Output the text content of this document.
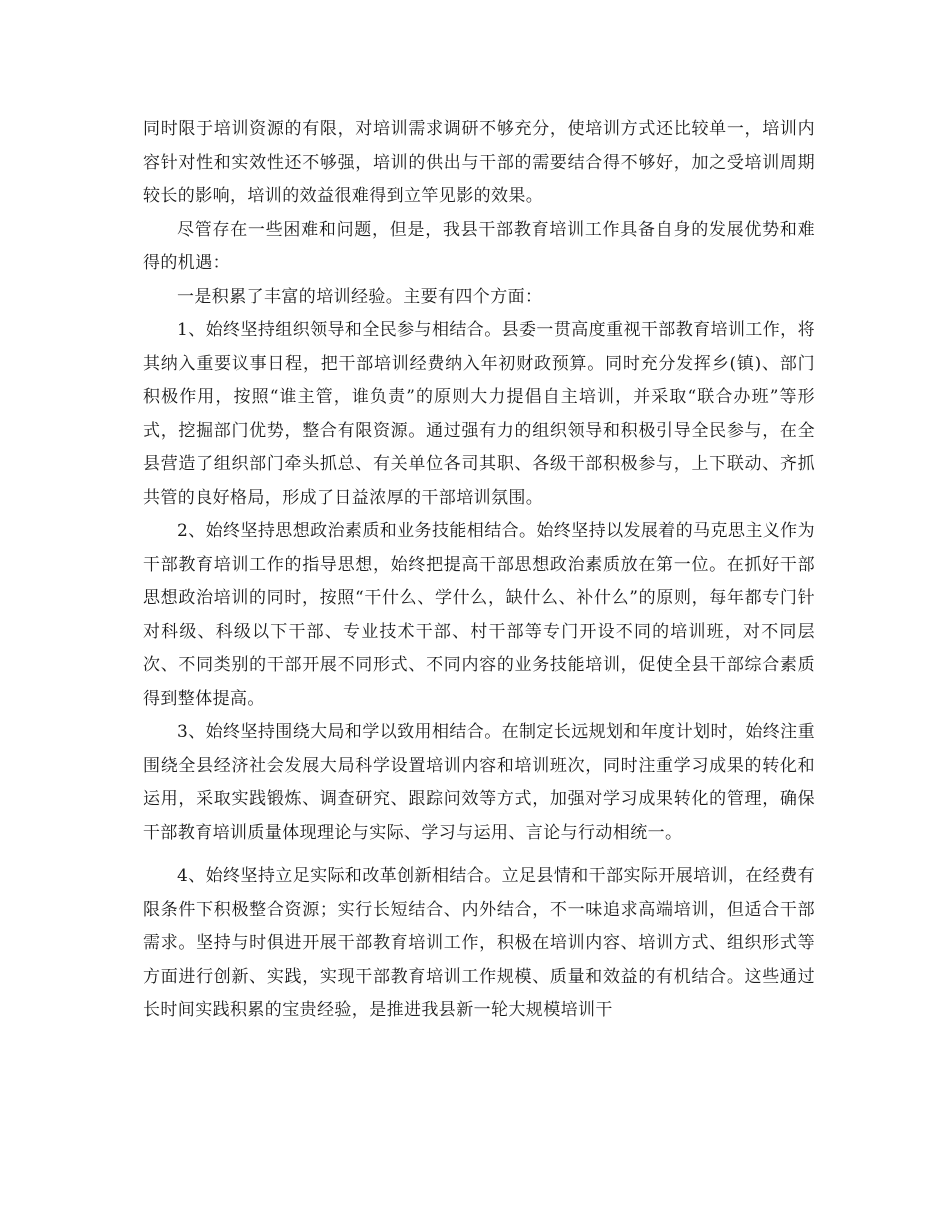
同时限于培训资源的有限，对培训需求调研不够充分，使培训方式还比较单一，培训内容针对性和实效性还不够强，培训的供出与干部的需要结合得不够好，加之受培训周期较长的影响，培训的效益很难得到立竿见影的效果。

尽管存在一些困难和问题，但是，我县干部教育培训工作具备自身的发展优势和难得的机遇：

一是积累了丰富的培训经验。主要有四个方面：

1、始终坚持组织领导和全民参与相结合。县委一贯高度重视干部教育培训工作，将其纳入重要议事日程，把干部培训经费纳入年初财政预算。同时充分发挥乡(镇)、部门积极作用，按照“谁主管，谁负责”的原则大力提倡自主培训，并采取“联合办班”等形式，挖掘部门优势，整合有限资源。通过强有力的组织领导和积极引导全民参与，在全县营造了组织部门牵头抓总、有关单位各司其职、各级干部积极参与，上下联动、齐抓共管的良好格局，形成了日益浓厚的干部培训氛围。

2、始终坚持思想政治素质和业务技能相结合。始终坚持以发展着的马克思主义作为干部教育培训工作的指导思想，始终把提高干部思想政治素质放在第一位。在抓好干部思想政治培训的同时，按照“干什么、学什么，缺什么、补什么”的原则，每年都专门针对科级、科级以下干部、专业技术干部、村干部等专门开设不同的培训班，对不同层次、不同类别的干部开展不同形式、不同内容的业务技能培训，促使全县干部综合素质得到整体提高。

3、始终坚持围绕大局和学以致用相结合。在制定长远规划和年度计划时，始终注重围绕全县经济社会发展大局科学设置培训内容和培训班次，同时注重学习成果的转化和运用，采取实践锻炼、调查研究、跟踪问效等方式，加强对学习成果转化的管理，确保干部教育培训质量体现理论与实际、学习与运用、言论与行动相统一。

4、始终坚持立足实际和改革创新相结合。立足县情和干部实际开展培训，在经费有限条件下积极整合资源；实行长短结合、内外结合，不一味追求高端培训，但适合干部需求。坚持与时俱进开展干部教育培训工作，积极在培训内容、培训方式、组织形式等方面进行创新、实践，实现干部教育培训工作规模、质量和效益的有机结合。这些通过长时间实践积累的宝贵经验，是推进我县新一轮大规模培训干
